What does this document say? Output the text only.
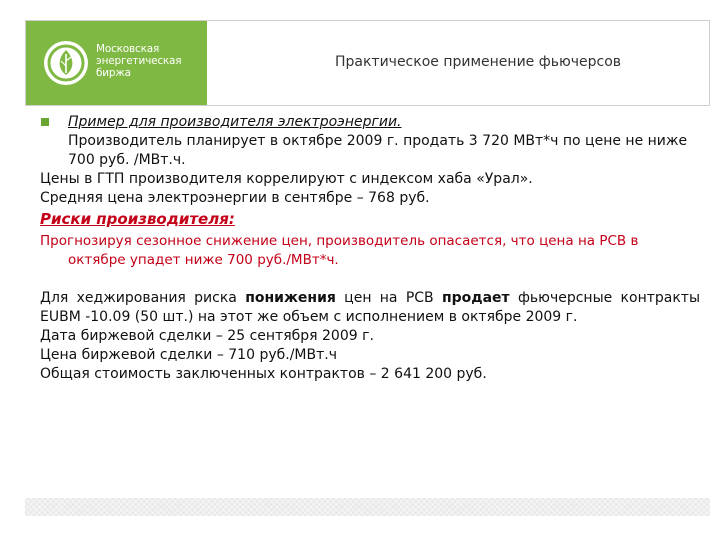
Московская
энергетическая
биржа
Практическое применение фьючерсов

Пример для производителя электроэнергии.

Производитель планирует в октябре 2009 г. продать 3 720 МВт*ч по цене не ниже 700 руб. /МВт.ч.

Цены в ГТП производителя коррелируют с индексом хаба «Урал».

Средняя цена электроэнергии в сентябре – 768 руб.

Риски производителя:

Прогнозируя сезонное снижение цен, производитель опасается, что цена на РСВ в октябре упадет ниже 700 руб./МВт*ч.

Для хеджирования риска понижения цен на РСВ продает фьючерсные контракты EUBM -10.09 (50 шт.) на этот же объем с исполнением в октябре 2009 г.

Дата биржевой сделки – 25 сентября 2009 г.

Цена биржевой сделки – 710 руб./МВт.ч

Общая стоимость заключенных контрактов – 2 641 200 руб.
